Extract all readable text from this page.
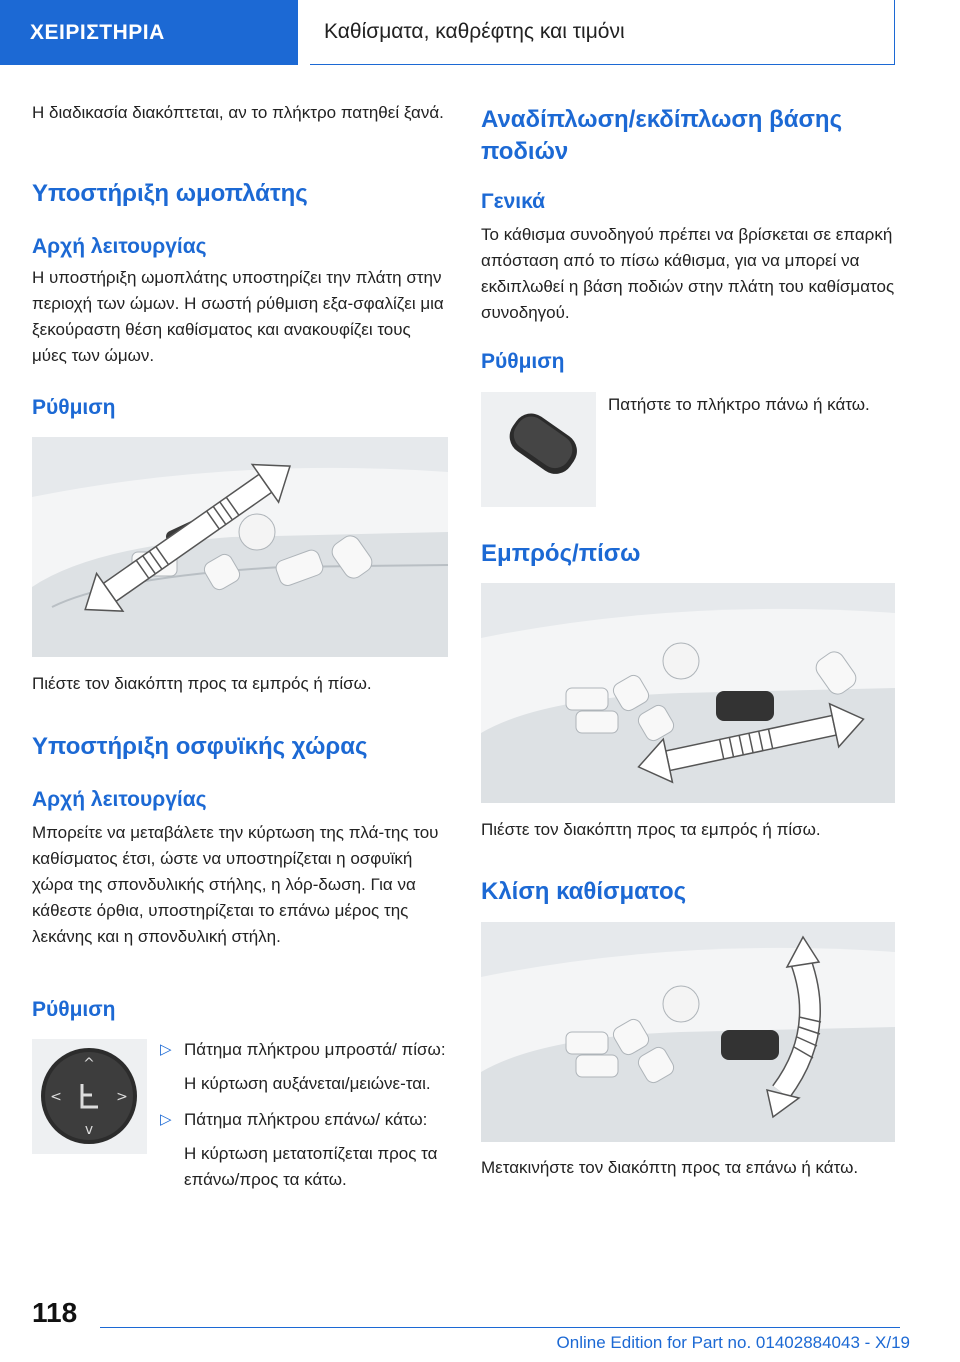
ΧΕΙΡΙΣΤΗΡΙΑ	Καθίσματα, καθρέφτης και τιμόνι

Η διαδικασία διακόπτεται, αν το πλήκτρο πατηθεί ξανά.

Υποστήριξη ωμοπλάτης
Αρχή λειτουργίας

Η υποστήριξη ωμοπλάτης υποστηρίζει την πλάτη στην περιοχή των ώμων. Η σωστή ρύθμιση εξα-σφαλίζει μια ξεκούραστη θέση καθίσματος και ανακουφίζει τους μύες των ώμων.

Ρύθμιση

Πιέστε τον διακόπτη προς τα εμπρός ή πίσω.

Υποστήριξη οσφυϊκής χώρας
Αρχή λειτουργίας

Μπορείτε να μεταβάλετε την κύρτωση της πλά-της του καθίσματος έτσι, ώστε να υποστηρίζεται η οσφυϊκή χώρα της σπονδυλικής στήλης, η λόρ-δωση. Για να κάθεστε όρθια, υποστηρίζεται το επάνω μέρος της λεκάνης και η σπονδυλική στήλη.

Ρύθμιση
^
v
<	>
▷ Πάτημα πλήκτρου μπροστά/ πίσω:

Η κύρτωση αυξάνεται/μειώνε-ται.

▷ Πάτημα πλήκτρου επάνω/ κάτω:

Η κύρτωση μετατοπίζεται προς τα επάνω/προς τα κάτω.

Αναδίπλωση/εκδίπλωση βάσης ποδιών
Γενικά

Το κάθισμα συνοδηγού πρέπει να βρίσκεται σε επαρκή απόσταση από το πίσω κάθισμα, για να μπορεί να εκδιπλωθεί η βάση ποδιών στην πλάτη του καθίσματος συνοδηγού.

Ρύθμιση

Πατήστε το πλήκτρο πάνω ή κάτω.

Εμπρός/πίσω

Πιέστε τον διακόπτη προς τα εμπρός ή πίσω.

Κλίση καθίσματος

Μετακινήστε τον διακόπτη προς τα επάνω ή κάτω.

118
Online Edition for Part no. 01402884043 - X/19
